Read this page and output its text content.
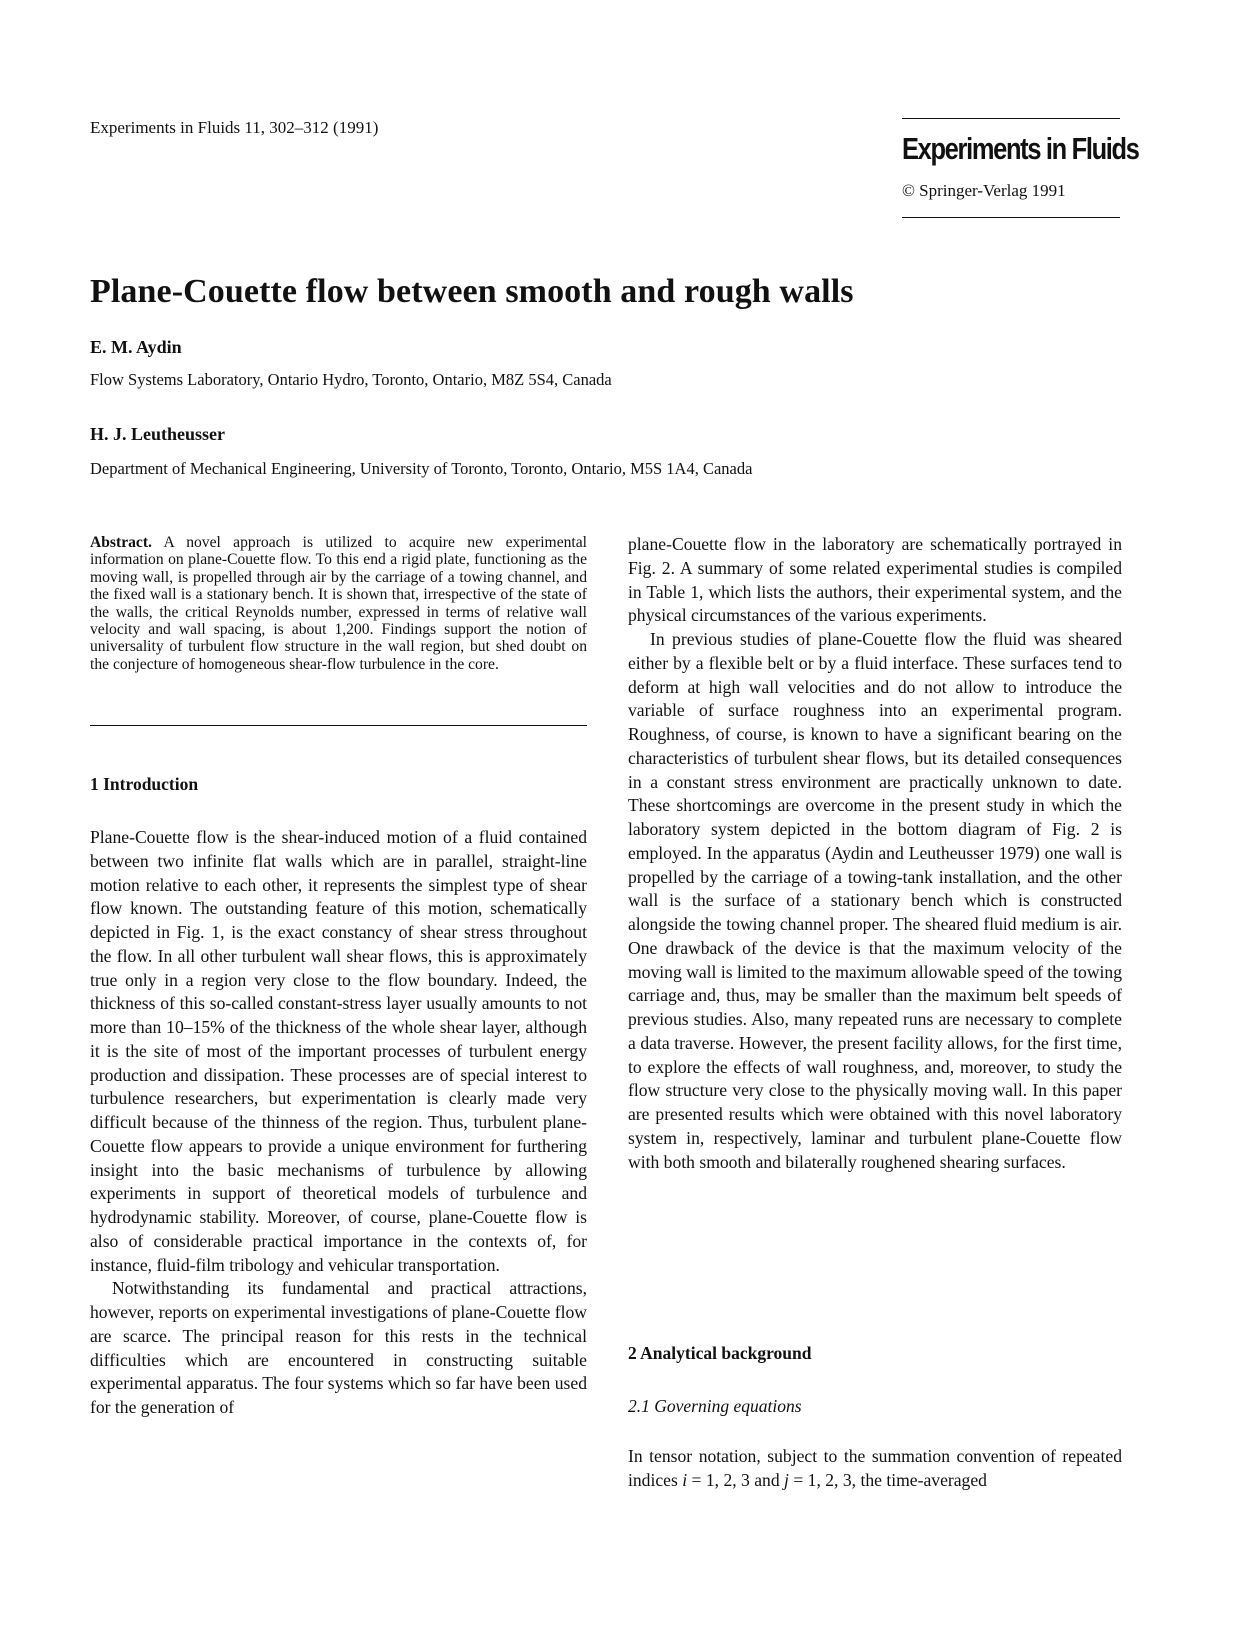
Experiments in Fluids 11, 302–312 (1991)
Experiments in Fluids
© Springer-Verlag 1991
Plane-Couette flow between smooth and rough walls
E. M. Aydin
Flow Systems Laboratory, Ontario Hydro, Toronto, Ontario, M8Z 5S4, Canada
H. J. Leutheusser
Department of Mechanical Engineering, University of Toronto, Toronto, Ontario, M5S 1A4, Canada
Abstract. A novel approach is utilized to acquire new experimental information on plane-Couette flow. To this end a rigid plate, functioning as the moving wall, is propelled through air by the carriage of a towing channel, and the fixed wall is a stationary bench. It is shown that, irrespective of the state of the walls, the critical Reynolds number, expressed in terms of relative wall velocity and wall spacing, is about 1,200. Findings support the notion of universality of turbulent flow structure in the wall region, but shed doubt on the conjecture of homogeneous shear-flow turbulence in the core.
1 Introduction

Plane-Couette flow is the shear-induced motion of a fluid contained between two infinite flat walls which are in parallel, straight-line motion relative to each other, it represents the simplest type of shear flow known. The outstanding feature of this motion, schematically depicted in Fig. 1, is the exact constancy of shear stress throughout the flow. In all other turbulent wall shear flows, this is approximately true only in a region very close to the flow boundary. Indeed, the thickness of this so-called constant-stress layer usually amounts to not more than 10–15% of the thickness of the whole shear layer, although it is the site of most of the important processes of turbulent energy production and dissipation. These processes are of special interest to turbulence researchers, but experimentation is clearly made very difficult because of the thinness of the region. Thus, turbulent plane-Couette flow appears to provide a unique environment for furthering insight into the basic mechanisms of turbulence by allowing experiments in support of theoretical models of turbulence and hydrodynamic stability. Moreover, of course, plane-Couette flow is also of considerable practical importance in the contexts of, for instance, fluid-film tribology and vehicular transportation.

Notwithstanding its fundamental and practical attractions, however, reports on experimental investigations of plane-Couette flow are scarce. The principal reason for this rests in the technical difficulties which are encountered in constructing suitable experimental apparatus. The four systems which so far have been used for the generation of

plane-Couette flow in the laboratory are schematically portrayed in Fig. 2. A summary of some related experimental studies is compiled in Table 1, which lists the authors, their experimental system, and the physical circumstances of the various experiments.

In previous studies of plane-Couette flow the fluid was sheared either by a flexible belt or by a fluid interface. These surfaces tend to deform at high wall velocities and do not allow to introduce the variable of surface roughness into an experimental program. Roughness, of course, is known to have a significant bearing on the characteristics of turbulent shear flows, but its detailed consequences in a constant stress environment are practically unknown to date. These shortcomings are overcome in the present study in which the laboratory system depicted in the bottom diagram of Fig. 2 is employed. In the apparatus (Aydin and Leutheusser 1979) one wall is propelled by the carriage of a towing-tank installation, and the other wall is the surface of a stationary bench which is constructed alongside the towing channel proper. The sheared fluid medium is air. One drawback of the device is that the maximum velocity of the moving wall is limited to the maximum allowable speed of the towing carriage and, thus, may be smaller than the maximum belt speeds of previous studies. Also, many repeated runs are necessary to complete a data traverse. However, the present facility allows, for the first time, to explore the effects of wall roughness, and, moreover, to study the flow structure very close to the physically moving wall. In this paper are presented results which were obtained with this novel laboratory system in, respectively, laminar and turbulent plane-Couette flow with both smooth and bilaterally roughened shearing surfaces.

2 Analytical background
2.1 Governing equations

In tensor notation, subject to the summation convention of repeated indices i = 1, 2, 3 and j = 1, 2, 3, the time-averaged
